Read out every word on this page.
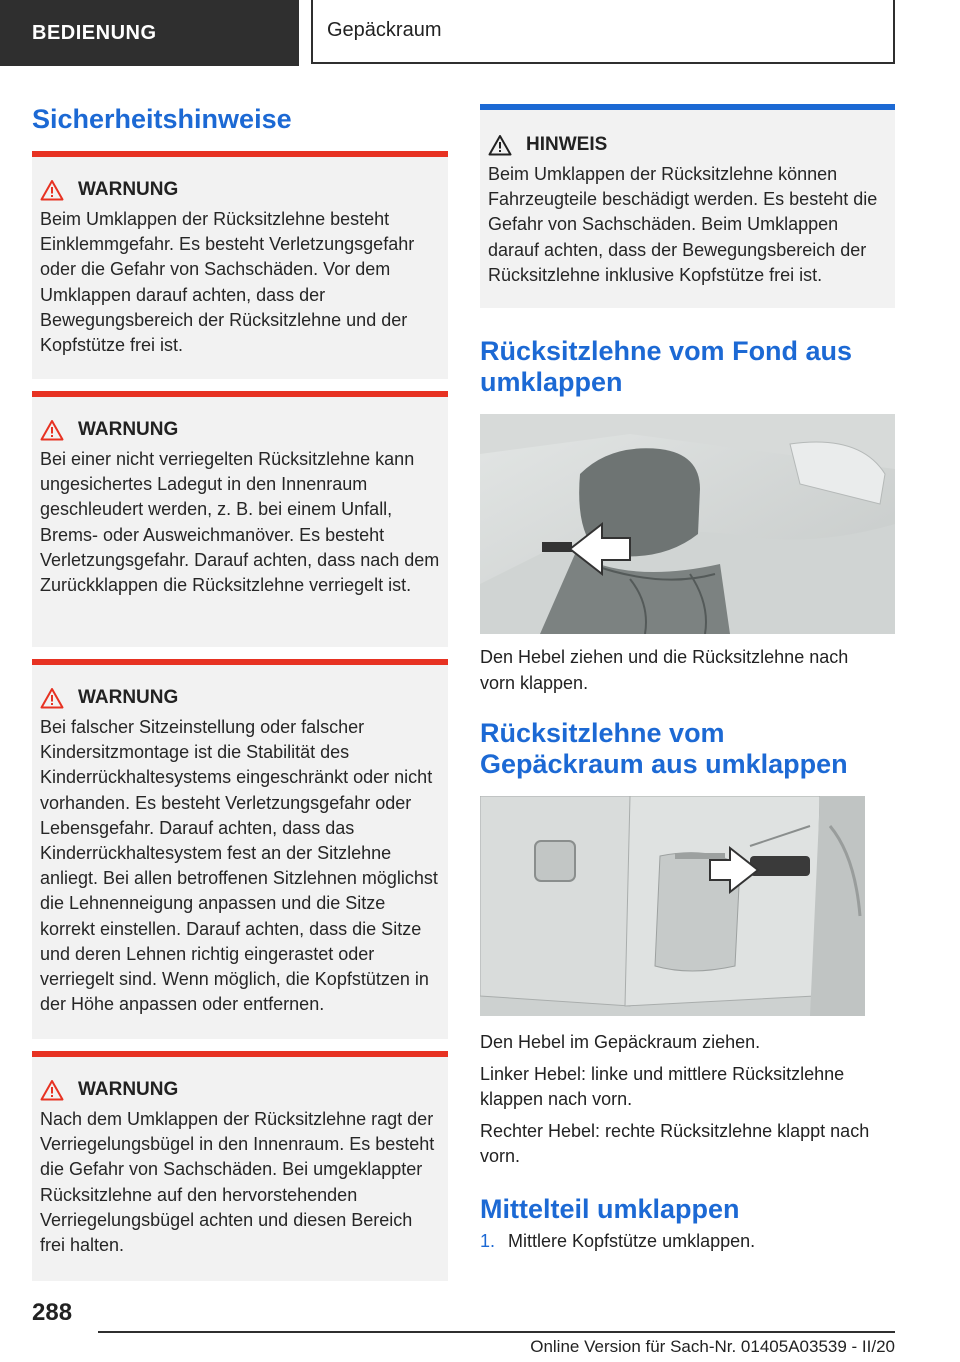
BEDIENUNG	Gepäckraum
Sicherheitshinweise
WARNUNG
Beim Umklappen der Rücksitzlehne besteht Einklemmgefahr. Es besteht Verletzungsgefahr oder die Gefahr von Sachschäden. Vor dem Umklappen darauf achten, dass der Bewegungsbereich der Rücksitzlehne und der Kopfstütze frei ist.
WARNUNG
Bei einer nicht verriegelten Rücksitzlehne kann ungesichertes Ladegut in den Innenraum geschleudert werden, z. B. bei einem Unfall, Brems- oder Ausweichmanöver. Es besteht Verletzungsgefahr. Darauf achten, dass nach dem Zurückklappen die Rücksitzlehne verriegelt ist.
WARNUNG
Bei falscher Sitzeinstellung oder falscher Kindersitzmontage ist die Stabilität des Kinderrückhaltesystems eingeschränkt oder nicht vorhanden. Es besteht Verletzungsgefahr oder Lebensgefahr. Darauf achten, dass das Kinderrückhaltesystem fest an der Sitzlehne anliegt. Bei allen betroffenen Sitzlehnen möglichst die Lehnenneigung anpassen und die Sitze korrekt einstellen. Darauf achten, dass die Sitze und deren Lehnen richtig eingerastet oder verriegelt sind. Wenn möglich, die Kopfstützen in der Höhe anpassen oder entfernen.
WARNUNG
Nach dem Umklappen der Rücksitzlehne ragt der Verriegelungsbügel in den Innenraum. Es besteht die Gefahr von Sachschäden. Bei umgeklappter Rücksitzlehne auf den hervorstehenden Verriegelungsbügel achten und diesen Bereich frei halten.
HINWEIS
Beim Umklappen der Rücksitzlehne können Fahrzeugteile beschädigt werden. Es besteht die Gefahr von Sachschäden. Beim Umklappen darauf achten, dass der Bewegungsbereich der Rücksitzlehne inklusive Kopfstütze frei ist.
Rücksitzlehne vom Fond aus umklappen
Den Hebel ziehen und die Rücksitzlehne nach vorn klappen.
Rücksitzlehne vom Gepäckraum aus umklappen
Den Hebel im Gepäckraum ziehen.
Linker Hebel: linke und mittlere Rücksitzlehne klappen nach vorn.
Rechter Hebel: rechte Rücksitzlehne klappt nach vorn.
Mittelteil umklappen
1. Mittlere Kopfstütze umklappen.
288
Online Version für Sach-Nr. 01405A03539 - II/20
